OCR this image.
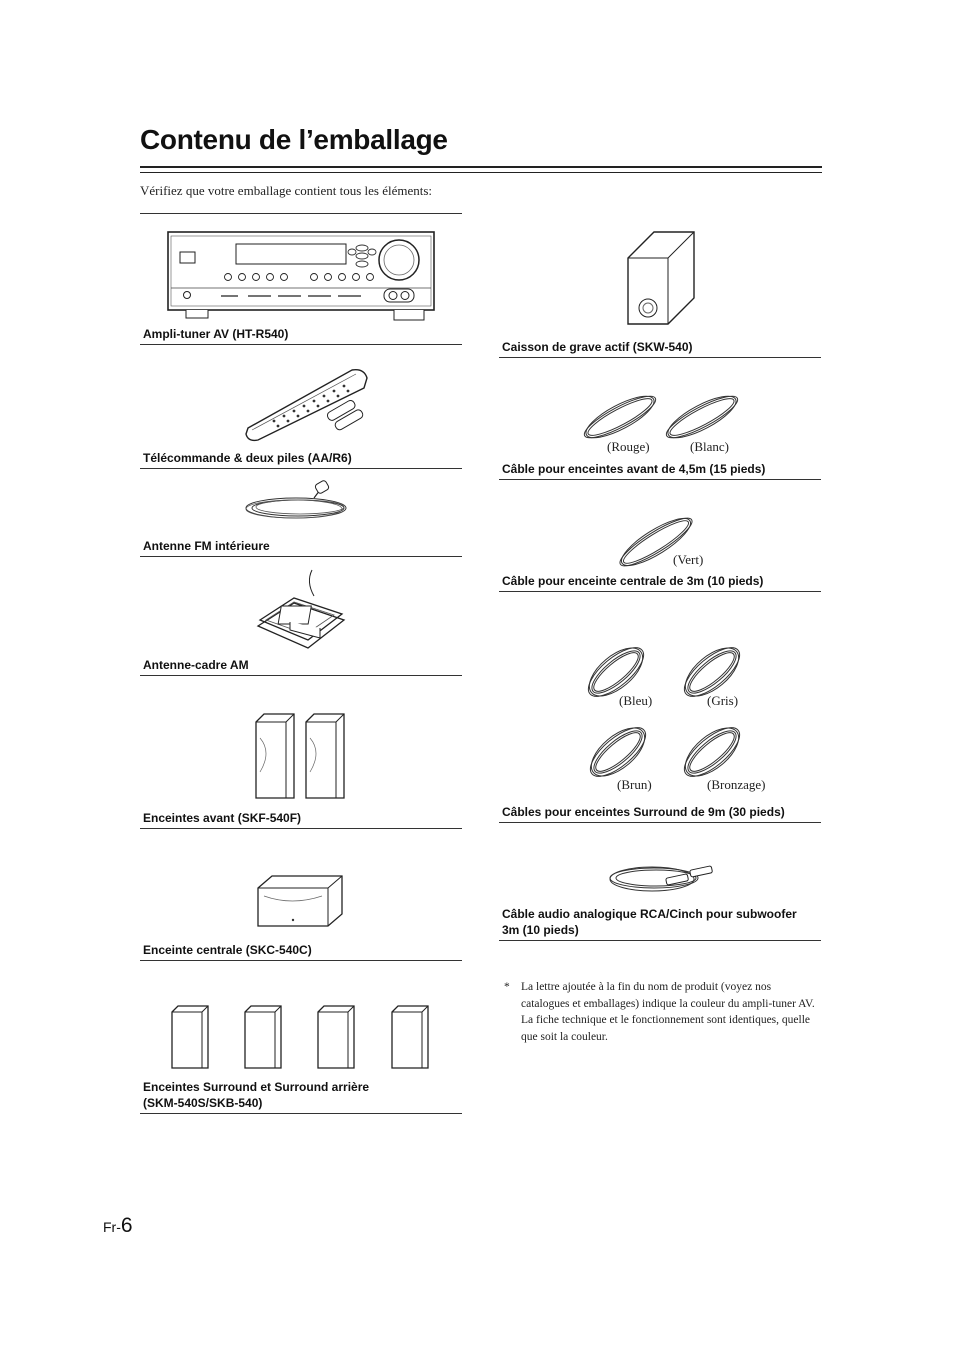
Contenu de l’emballage
Vérifiez que votre emballage contient tous les éléments:
Ampli-tuner AV (HT-R540)
Télécommande & deux piles (AA/R6)
Antenne FM intérieure
Antenne-cadre AM
Enceintes avant (SKF-540F)
Enceinte centrale (SKC-540C)
Enceintes Surround et Surround arrière
(SKM-540S/SKB-540)
Caisson de grave actif (SKW-540)
(Rouge)	(Blanc)
Câble pour enceintes avant de 4,5m (15 pieds)
(Vert)
Câble pour enceinte centrale de 3m (10 pieds)
(Bleu)	(Gris)
(Brun)	(Bronzage)
Câbles pour enceintes Surround de 9m (30 pieds)
Câble audio analogique RCA/Cinch pour subwoofer
3m (10 pieds)
* La lettre ajoutée à la fin du nom de produit (voyez nos catalogues et emballages) indique la couleur du ampli-tuner AV. La fiche technique et le fonctionnement sont identiques, quelle que soit la couleur.
Fr-6
